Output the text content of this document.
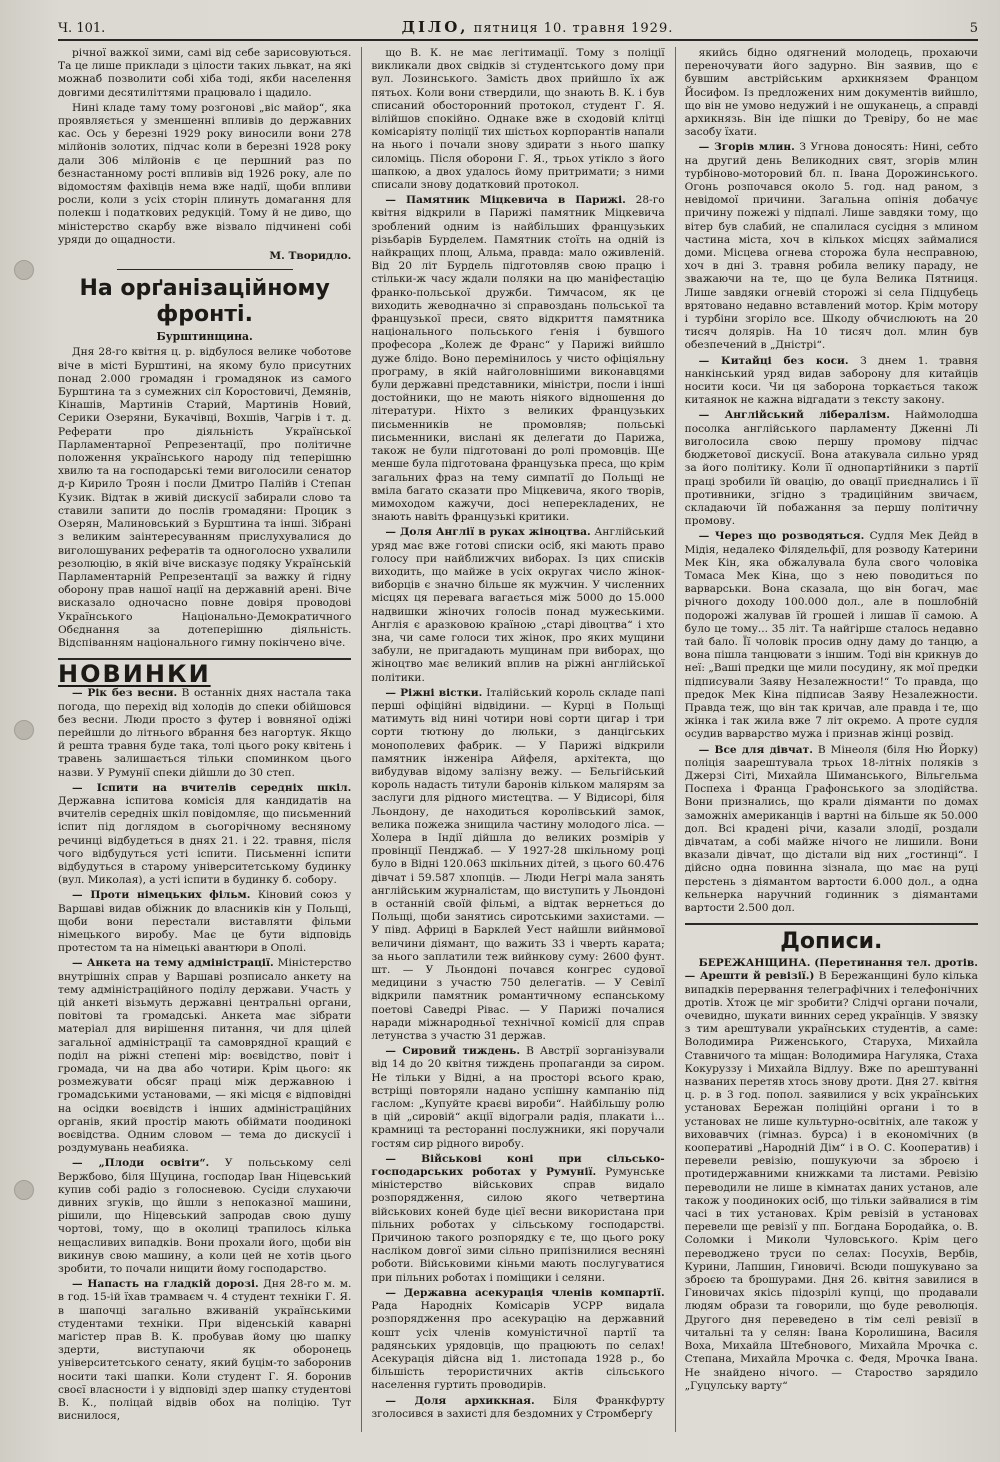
Ч. 101.	ДІЛО, пятниця 10. травня 1929.	5

річної важкої зими, самі від себе зарисовуються. Та це лише приклади з цілости таких львкат, на які можнаб позволити собі хіба тоді, якби населення довгими десятиліттями працювало і щадило.

Нині кладе таму тому розгонові „віс майор“, яка проявляється у зменшенні впливів до державних кас. Ось у березні 1929 року виносили вони 278 мілйонів золотих, підчас коли в березні 1928 року дали 306 мілйонів є це першний раз по безнастанному рості впливів від 1926 року, але по відомостям фахівців нема вже надії, щоби впливи росли, коли з усіх сторін плинуть домагання для полекш і податкових редукцій. Тому й не диво, що міністерство скарбу вже візвало підчинені собі уряди до ощадности.

М. Творидло.
На орґанізаційному фронті.
Бурштинщина.

Дня 28-го квітня ц. р. відбулося велике чоботове віче в місті Бурштині, на якому було присутних понад 2.000 громадян і громадянок из самого Бурштина та з сумежних сіл Коростовичі, Демянів, Кінашів, Мартинів Старий, Мартинів Новий, Серики Озеряни, Букачівці, Вохшів, Чагрів і т. д. Реферати про діяльність Української Парламентарної Репрезентації, про політичне положення українського народу під теперішню хвилю та на господарські теми виголосили сенатор д-р Кирило Троян і посли Дмитро Палійв і Степан Кузик. Відтак в живій дискусії забирали слово та ставили запити до послів громадяни: Процик з Озерян, Малиновський з Бурштина та інші. Зібрані з великим заінтересуванням прислухувалися до виголошуваних рефератів та одноголосно ухвалили резолюцію, в якій віче висказує подяку Українській Парламентарній Репрезентації за важку й гідну оборону прав нашої нації на державній арені. Віче висказало одночасно повне довіря проводові Українського Національно-Демократичного Обєднання за дотеперішню діяльність. Відспіванням національного гимну покінчено віче.

НОВИНКИ

— Рік без весни. В останніх днях настала така погода, що перехід від холодів до спеки обійшовся без весни. Люди просто з футер і вовняної одіжі перейшли до літнього вбрання без нагортук. Якщо й решта травня буде така, толі цього року квітень і травень залишається тільки споминком цього назви. У Румунії спеки дійшли до 30 степ.

— Іспити на вчителів середніх шкіл. Державна іспитова комісія для кандидатів на вчителів середніх шкіл повідомляє, що письменний іспит під доглядом в сьогорічному весняному речинці відбудеться в днях 21. і 22. травня, після чого відбудуться усті іспити. Письменні іспити відбудуться в старому університетському будинку (вул. Миколая), а усті іспити в будинку б. собору.

— Проти німецьких фільм. Кіновий союз у Варшаві видав обіжник до власників кін у Польщі, щоби вони перестали виставляти фільми німецького виробу. Має це бути відповідь протестом та на німецькі авантюри в Ополі.

— Анкета на тему адміністрації. Міністерство внутрішніх справ у Варшаві розписало анкету на тему адміністраційного поділу держави. Участь у цій анкеті візьмуть державні центральні органи, повітові та громадські. Анкета має зібрати матеріал для вирішення питання, чи для цілей загальної адміністрації та самоврядної кращий є поділ на ріжні степені мір: воєвідство, повіт і громада, чи на два або чотири. Крім цього: як розмежувати обсяг праці між державною і громадськими установами, — які місця є відповідні на осідки воєвідств і інших адміністраційних органів, який простір мають обіймати поодинокі воєвідства. Одним словом — тема до дискусії і роздумувань неабияка.

— „Плоди освіти“. У польському селі Вержбово, біля Щуцина, господар Іван Ніцевський купив собі радіо з голосневою. Сусіди слухаючи дивних згуків, що йшли з непоказної машини, рішили, що Ніцевський запродав свою душу чортові, тому, що в околиці трапилось кілька нещасливих випадків. Вони прохали його, щоби він викинув свою машину, а коли цей не хотів цього зробити, то почали нищити йому господарство.

— Напасть на гладкій дорозі. Дня 28-го м. м. в год. 15-ій їхав трамваєм ч. 4 студент техніки Г. Я. в шапочці загально вживаній українськими студентами техніки. При віденській каварні магістер прав В. К. пробував йому цю шапку здерти, виступаючи як оборонець університетського сенату, який буцім-то заборонив носити такі шапки. Коли студент Г. Я. боронив своєї власности і у відповіді здер шапку студентові В. К., поліцай відвів обох на поліцію. Тут виснилося,

що В. К. не має легітимації. Тому з поліції викликали двох свідків зі студентського дому при вул. Лозинського. Замість двох прийшло їх аж пятьох. Коли вони ствердили, що знають В. К. і був списаний обосторонний протокол, студент Г. Я. вілійшов спокійно. Однаке вже в сходовій клітці комісаріяту поліції тих шістьох корпорантів напали на нього і почали знову здирати з нього шапку силоміць. Після оборони Г. Я., трьох утікло з його шапкою, а двох удалось йому притримати; з ними списали знову додатковий протокол.

— Памятник Міцкевича в Парижі. 28-го квітня відкрили в Парижі памятник Міцкевича зроблений одним із найбільших французьких різьбарів Бурделем. Памятник стоїть на одній із найкращих площ, Альма, правда: мало оживленій. Від 20 літ Бурдель підготовляв свою працю і стільки-ж часу ждали поляки на цю маніфестацію франко-польської дружби. Тимчасом, як це виходить жеводначно зі справоздань польської та французької преси, свято відкриття памятника національного польського ґенія і бувшого професора „Колеж де Франс“ у Парижі вийшло дуже блідо. Воно перемінилось у чисто офіціяльну програму, в якій найголовнішими виконавцями були державні представники, міністри, посли і інші достойники, що не мають ніякого відношення до літератури. Ніхто з великих французьких письменників не промовляв; польські письменники, вислані як делегати до Парижа, також не були підготовані до ролі промовців. Ще менше була підготована французька преса, що крім загальних фраз на тему симпатії до Польщі не вміла багато сказати про Міцкевича, якого творів, мимоходом кажучи, досі неперекладених, не знають навіть французькі критики.

— Доля Англії в руках жіноцтва. Англійський уряд має вже готові списки осіб, які мають право голосу при найближчих виборах. Із цих списків виходить, що майже в усіх округах число жінок-виборців є значно більше як мужчин. У численних місцях ця перевага вагається між 5000 до 15.000 надвишки жіночих голосів понад мужеськими. Англія є аразковою країною „старі дівоцтва“ і хто зна, чи саме голоси тих жінок, про яких мущини забули, не пригадають мущинам при виборах, що жіноцтво має великий вплив на ріжні англійської політики.

— Ріжні вістки. Італійський король складе папі перші офіційні відвідини. — Курці в Польщі матимуть від нині чотири нові сорти цигар і три сорти тютюну до люльки, з данцігських монополевих фабрик. — У Парижі відкрили памятник інженіра Айфеля, архітекта, що вибудував відому залізну вежу. — Бельгійський король надасть титули баронів кільком малярям за заслуги для рідного мистецтва. — У Відисорі, біля Льондону, де находиться королівський замок, велика пожежа знищила частину молодого ліса. — Холера в Індії дійшла до великих розмірів у провінції Пенджаб. — У 1927-28 шкільному році було в Відні 120.063 шкільних дітей, з цього 60.476 дівчат і 59.587 хлопців. — Люди Негрі мала занять англійським журналістам, що виступить у Льондоні в останній своїй фільмі, а відтак вернеться до Польщі, щоби занятись сиротськими захистами. — У півд. Африці в Барклей Уест найшли вийнмової величини діямант, що важить 33 і чверть карата; за нього заплатили теж вийнкову суму: 2600 фунт. шт. — У Льондоні почався конгрес судової медицини з участю 750 делегатів. — У Севілї відкрили памятник романтичному еспанському поетові Саведрі Рівас. — У Парижі почалися наради міжнародньої технічної комісії для справ летунства з участю 31 держав.

— Сировий тиждень. В Австрії зорганізували від 14 до 20 квітня тиждень пропаганди за сиром. Не тільки у Відні, а на просторі всього краю, встріщі повторяли надано успішну кампанію під гаслом: „Купуйте краєві вироби“. Найбільшу ролю в цій „сировій“ акції відограли радія, плакати і... крамниці та ресторанні послужники, які поручали гостям сир рідного виробу.

— Військові коні при сільсько-господарських роботах у Румунії. Румунське міністерство військових справ видало розпорядження, силою якого четвертина військових коней буде цієї весни використана при пільних роботах у сільському господарстві. Причиною такого розпорядку є те, що цього року насліком довгої зими сільно припізнилися весняні роботи. Військовими кіньми мають послугуватися при пільних роботах і поміщики і селяни.

— Державна асекурація членів компартії. Рада Народніх Комісарів УСРР видала розпорядження про асекурацію на державний кошт усіх членів комуністичної партії та радянських урядовців, що працюють по селах! Асекурація дійсна від 1. листопада 1928 р., бо більшість терористичних актів сільського населення гуртить проводирів.

— Доля архиккная. Біля Франкфурту зголосився в захисті для бездомних у Стромберґу

якийсь бідно одягнений молодець, прохаючи переночувати його задурно. Він заявив, що є бувшим австрійським архикнязем Францом Йосифом. Із предложених ним документів вийшло, що він не умово недужий і не ошуканець, а справді архикнязь. Він іде пішки до Тревіру, бо не має засобу їхати.

— Згорів млин. З Угнова доносять: Нині, себто на другий день Великодних свят, згорів млин турбіново-моторовий бл. п. Івана Дорожинського. Огонь розпочався около 5. год. над раном, з невідомої причини. Загальна опінія добачує причину пожежі у підпалі. Лише завдяки тому, що вітер був слабий, не спалилася сусідня з млином частина міста, хоч в кількох місцях займалися доми. Місцева огнева сторожа була несправною, хоч в дні 3. травня робила велику параду, не зважаючи на те, що це була Велика Пятниця. Лише завдяки огневій сторожі зі села Підцубець врятовано недавно вставлений мотор. Крім мотору і турбіни згоріло все. Шкоду обчислюють на 20 тисяч долярів. На 10 тисяч дол. млин був обезпечений в „Дністрі“.

— Китайці без коси. З днем 1. травня нанкінський уряд видав заборону для китайців носити коси. Чи ця заборона торкається також китаянок не кажна відгадати з тексту закону.

— Англійський лібералізм. Наймолодша посолка англійського парламенту Дженні Лі виголосила свою першу промову підчас бюджетової дискусії. Вона атакувала сильно уряд за його політику. Коли її однопартійники з партії праці зробили їй овацію, до овації приєднались і її противники, згідно з традиційним звичаєм, складаючи їй побажання за першу політичну промову.

— Через що розводяться. Судля Мек Дейд в Мідія, недалеко Філядельфії, для розводу Катерини Мек Кін, яка обжалувала була свого чоловіка Томаса Мек Кіна, що з нею поводиться по варварськи. Вона сказала, що він богач, має річного доходу 100.000 дол., але в пошлобній подорожі жалував їй грошей і лишав її самою. А було це тому... 35 літ. Та найгірше сталось недавно тай бало. Її чоловік просив одну даму до танцю, а вона пішла танцювати з іншим. Тоді він крикнув до неї: „Ваші предки ще мили посудину, як мої предки підписували Заяву Незалежности!“ То правда, що предок Мек Кіна підписав Заяву Незалежности. Правда теж, що він так кричав, але правда і те, що жінка і так жила вже 7 літ окремо. А проте судля осудив варварство мужа і признав жінці розвід.

— Все для дівчат. В Мінеоля (біля Ню Йорку) поліція заарештувала трьох 18-літніх поляків з Джерзі Сіті, Михайла Шиманського, Вільгельма Поспеха і Франца Графонського за злодійства. Вони признались, що крали діяманти по домах заможніх американців і вартні на більше як 50.000 дол. Всі крадені річи, казали злодії, роздали дівчатам, а собі майже нічого не лишили. Вони вказали дівчат, що дістали від них „гостинці“. І дійсно одна повинна зізнала, що має на руці перстень з діямантом вартости 6.000 дол., а одна кельнерка наручний годинник з діямантами вартости 2.500 дол.

Дописи.

БЕРЕЖАНЩИНА. (Перетинання тел. дротів. — Арешти й ревізії.) В Бережанщині було кілька випадків перервання телеграфічних і телефонічних дротів. Хтож це міг зробити? Слідчі органи почали, очевидно, шукати винних серед українців. У звязку з тим арештували українських студентів, а саме: Володимира Риженського, Старуха, Михайла Ставничого та міщан: Володимира Нагуляка, Стаха Кокуруззу і Михайла Відлуу. Вже по арештуванні названих перетяв хтось знову дроти. Дня 27. квітня ц. р. в 3 год. попол. заявилися у всіх українських установах Бережан поліційні органи і то в установах не лише культурно-освітніх, але також у виховавчих (гімназ. бурса) і в економічних (в кооперативі „Народній Дім“ і в О. С. Кооператив) і перевели ревізію, пошукуючи за зброєю і протидержавними книжками та листами. Ревізію переводили не лише в кімнатах даних установ, але також у поодиноких осіб, що тільки зайвалися в тім часі в тих установах. Крім ревізій в установах перевели ще ревізії у пп. Богдана Бородайка, о. В. Соломки і Миколи Чуловського. Крім цего переводжено труси по селах: Посухів, Вербів, Курини, Лапшин, Гиновичі. Всюди пошукувано за зброєю та брошурами. Дня 26. квітня завилися в Гиновичах якісь підозрілі купці, що продавали людям образи та говорили, що буде революція. Другого дня переведено в тім селі ревізії в читальні та у селян: Івана Королишина, Василя Воха, Михайла Штебнового, Михайла Мрочка с. Степана, Михайла Мрочка с. Федя, Мрочка Івана. Не знайдено нічого. — Староство зарядило „Гуцулську варту“
